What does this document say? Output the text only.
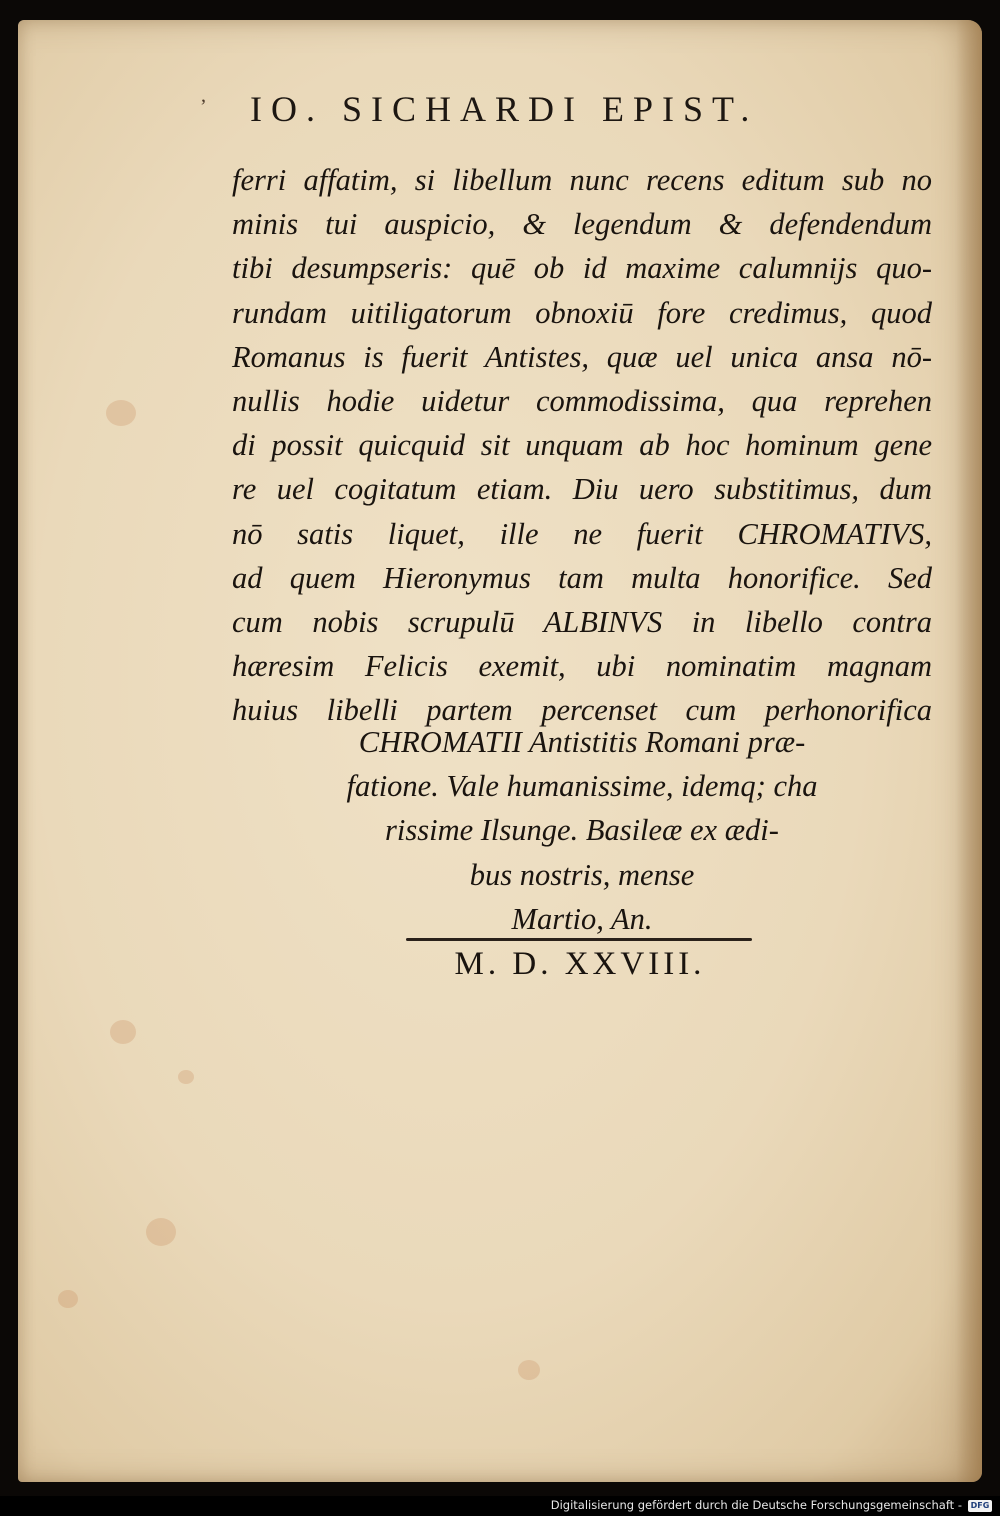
ʼ IO. SICHARDI EPIST.
ferri affatim, si libellum nunc recens editum sub no
minis tui auspicio, & legendum & defendendum
tibi desumpseris: quē ob id maxime calumnijs quo-
rundam uitiligatorum obnoxiū fore credimus, quod
Romanus is fuerit Antistes, quæ uel unica ansa nō-
nullis hodie uidetur commodissima, qua reprehen
di possit quicquid sit unquam ab hoc hominum gene
re uel cogitatum etiam. Diu uero substitimus, dum
nō satis liquet, ille ne fuerit CHROMATIVS,
ad quem Hieronymus tam multa honorifice. Sed
cum nobis scrupulū ALBINVS in libello contra
hæresim Felicis exemit, ubi nominatim magnam
huius libelli partem percenset cum perhonorifica
CHROMATII Antistitis Romani præ-
fatione. Vale humanissime, idemq; cha
rissime Ilsunge. Basileæ ex ædi-
bus nostris, mense
Martio, An.
M. D. XXVIII.
Digitalisierung gefördert durch die Deutsche Forschungsgemeinschaft -	DFG
